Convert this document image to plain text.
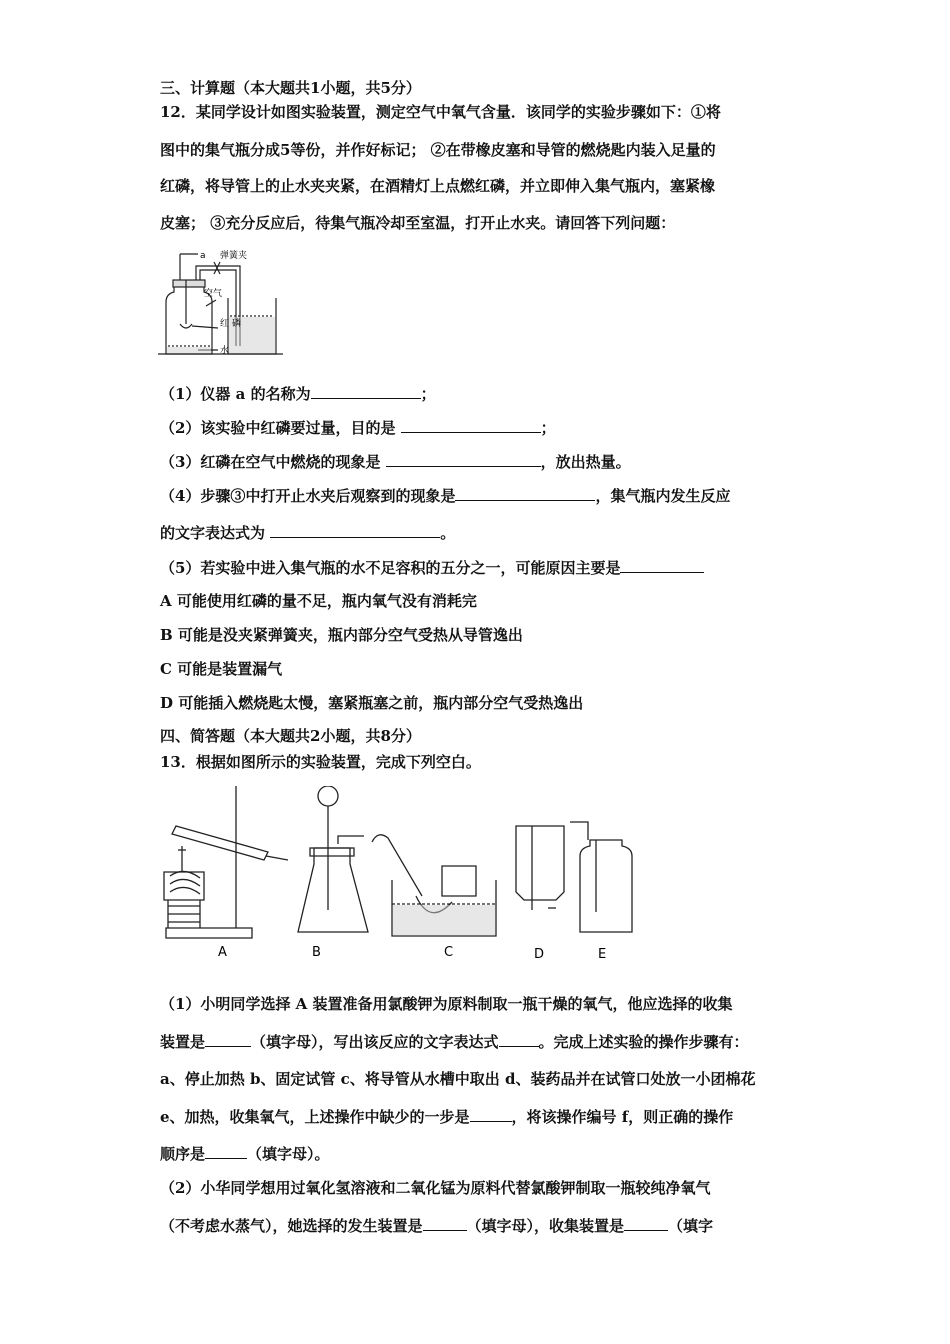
三、计算题（本大题共1小题，共5分）
12．某同学设计如图实验装置，测定空气中氧气含量．该同学的实验步骤如下：①将
图中的集气瓶分成5等份，并作好标记； ②在带橡皮塞和导管的燃烧匙内装入足量的
红磷，将导管上的止水夹夹紧，在酒精灯上点燃红磷，并立即伸入集气瓶内，塞紧橡
皮塞； ③充分反应后，待集气瓶冷却至室温，打开止水夹。请回答下列问题：
a 弹簧夹
空气
红 磷
水
（1）仪器 a 的名称为	；
（2）该实验中红磷要过量，目的是	；
（3）红磷在空气中燃烧的现象是	，放出热量。
（4）步骤③中打开止水夹后观察到的现象是	，集气瓶内发生反应
的文字表达式为	。
（5）若实验中进入集气瓶的水不足容积的五分之一，可能原因主要是
A 可能使用红磷的量不足，瓶内氧气没有消耗完
B 可能是没夹紧弹簧夹，瓶内部分空气受热从导管逸出
C 可能是装置漏气
D 可能插入燃烧匙太慢，塞紧瓶塞之前，瓶内部分空气受热逸出
四、简答题（本大题共2小题，共8分）
13．根据如图所示的实验装置，完成下列空白。
A	B	C	D	E
（1）小明同学选择 A 装置准备用氯酸钾为原料制取一瓶干燥的氧气，他应选择的收集
装置是	（填字母），写出该反应的文字表达式	。完成上述实验的操作步骤有：
a、停止加热 b、固定试管 c、将导管从水槽中取出 d、装药品并在试管口处放一小团棉花
e、加热，收集氧气，上述操作中缺少的一步是	，将该操作编号 f，则正确的操作
顺序是	（填字母）。
（2）小华同学想用过氧化氢溶液和二氧化锰为原料代替氯酸钾制取一瓶较纯净氧气
（不考虑水蒸气），她选择的发生装置是	（填字母），收集装置是	（填字
